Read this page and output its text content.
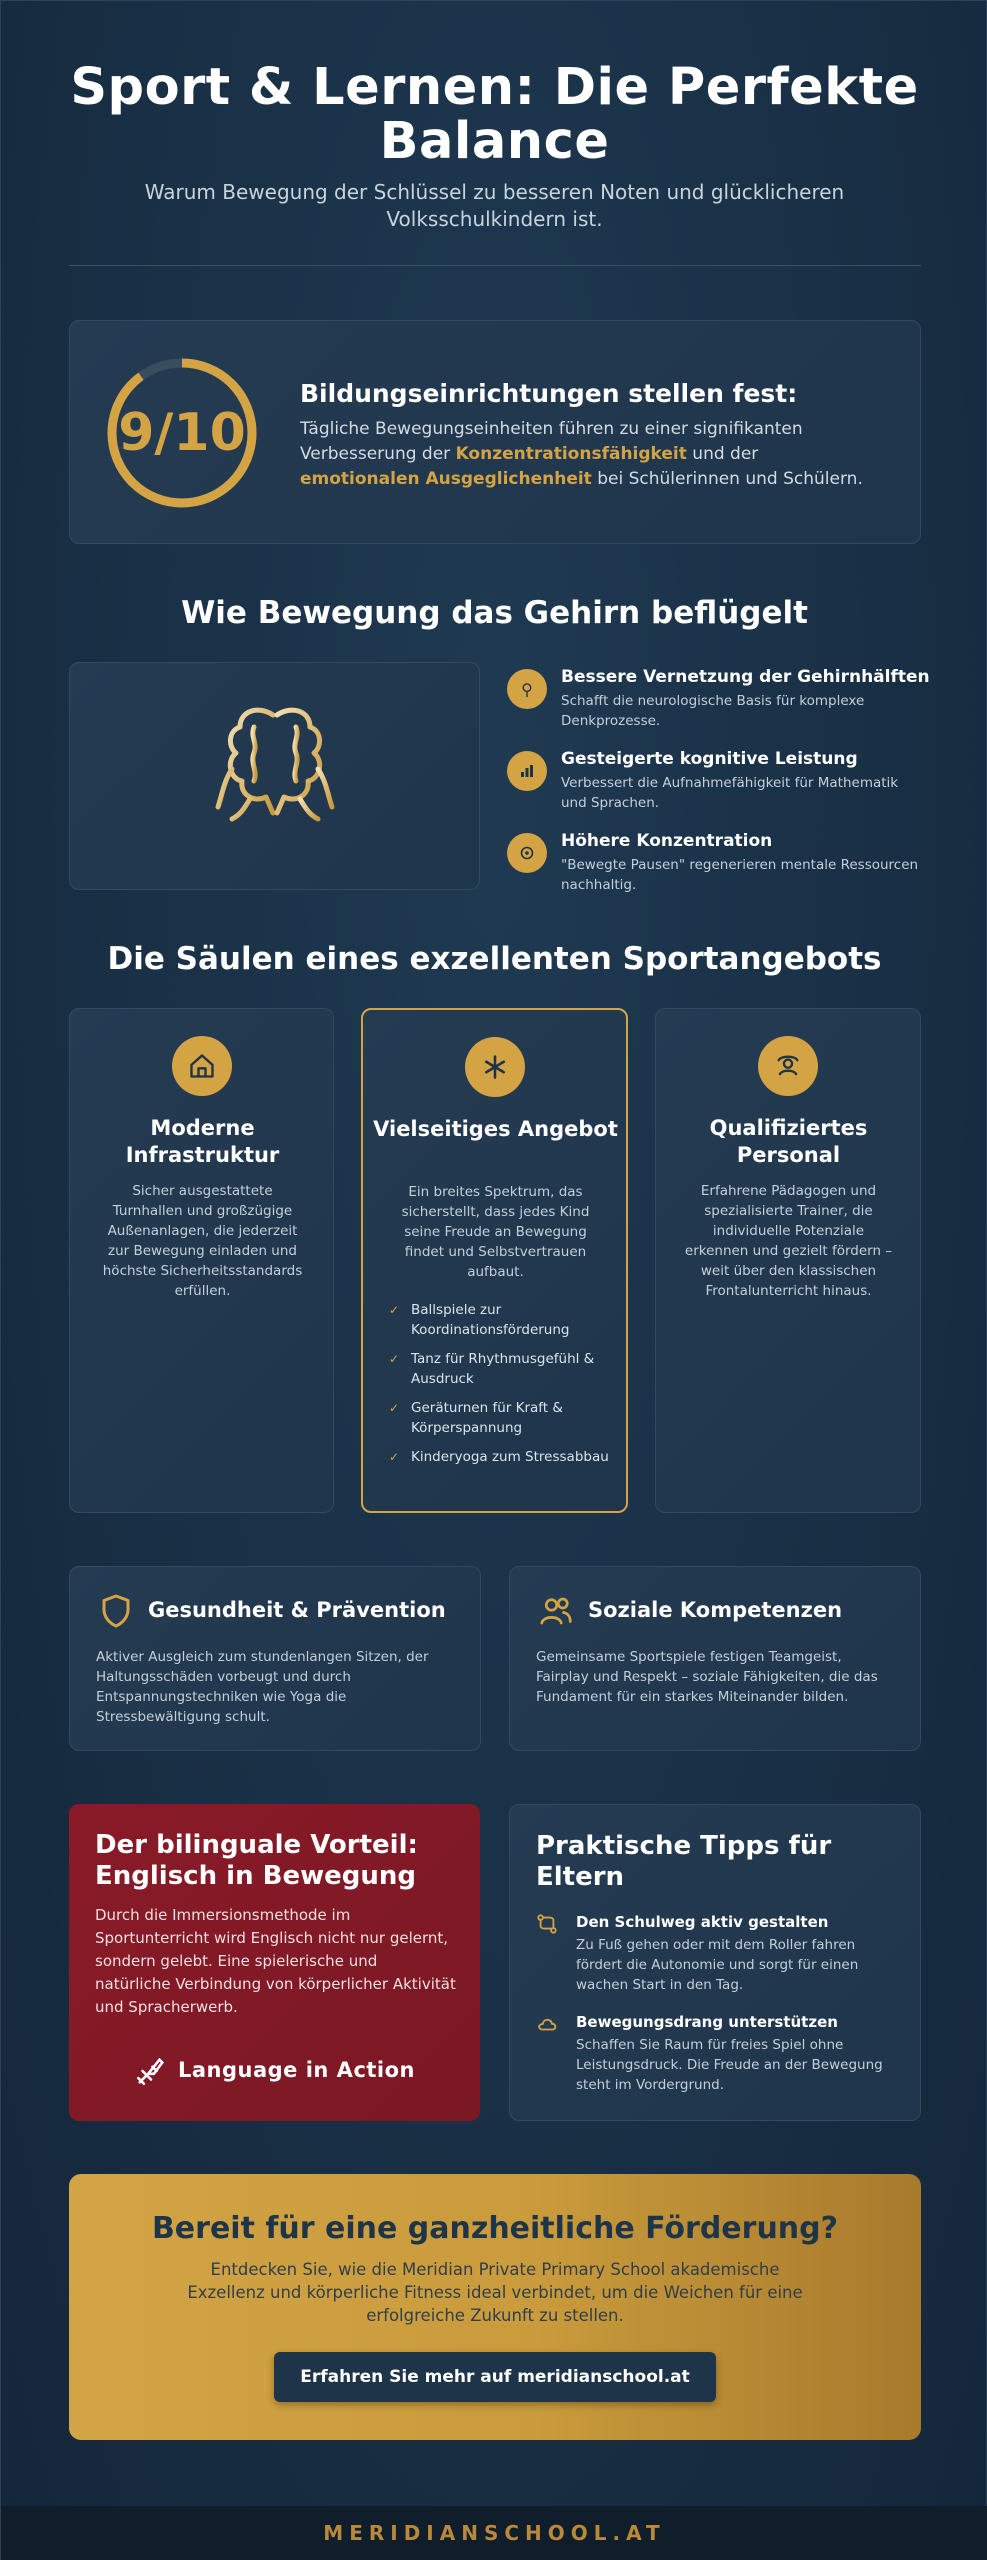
Sport & Lernen: Die Perfekte
Balance

Warum Bewegung der Schlüssel zu besseren Noten und glücklicheren Volksschulkindern ist.

9/10
Bildungseinrichtungen stellen fest:

Tägliche Bewegungseinheiten führen zu einer signifikanten Verbesserung der Konzentrationsfähigkeit und der emotionalen Ausgeglichenheit bei Schülerinnen und Schülern.

Wie Bewegung das Gehirn beflügelt
⚲
Bessere Vernetzung der Gehirnhälften
Schafft die neurologische Basis für komplexe Denkprozesse.
Gesteigerte kognitive Leistung
Verbessert die Aufnahmefähigkeit für Mathematik und Sprachen.
Höhere Konzentration
"Bewegte Pausen" regenerieren mentale Ressourcen nachhaltig.
Die Säulen eines exzellenten Sportangebots
Moderne Infrastruktur
Sicher ausgestattete Turnhallen und großzügige Außenanlagen, die jederzeit zur Bewegung einladen und höchste Sicherheitsstandards erfüllen.
Vielseitiges Angebot
Ein breites Spektrum, das sicherstellt, dass jedes Kind seine Freude an Bewegung findet und Selbstvertrauen aufbaut.
✓ Ballspiele zur Koordinationsförderung
✓ Tanz für Rhythmusgefühl & Ausdruck
✓ Geräturnen für Kraft & Körperspannung
✓ Kinderyoga zum Stressabbau
Qualifiziertes Personal
Erfahrene Pädagogen und spezialisierte Trainer, die individuelle Potenziale erkennen und gezielt fördern – weit über den klassischen Frontalunterricht hinaus.
Gesundheit & Prävention
Aktiver Ausgleich zum stundenlangen Sitzen, der Haltungsschäden vorbeugt und durch Entspannungstechniken wie Yoga die Stressbewältigung schult.
Soziale Kompetenzen
Gemeinsame Sportspiele festigen Teamgeist, Fairplay und Respekt – soziale Fähigkeiten, die das Fundament für ein starkes Miteinander bilden.
Der bilinguale Vorteil: Englisch in Bewegung
Durch die Immersionsmethode im Sportunterricht wird Englisch nicht nur gelernt, sondern gelebt. Eine spielerische und natürliche Verbindung von körperlicher Aktivität und Spracherwerb.
Language in Action
Praktische Tipps für Eltern
Den Schulweg aktiv gestalten
Zu Fuß gehen oder mit dem Roller fahren fördert die Autonomie und sorgt für einen wachen Start in den Tag.
Bewegungsdrang unterstützen
Schaffen Sie Raum für freies Spiel ohne Leistungsdruck. Die Freude an der Bewegung steht im Vordergrund.
Bereit für eine ganzheitliche Förderung?
Entdecken Sie, wie die Meridian Private Primary School akademische Exzellenz und körperliche Fitness ideal verbindet, um die Weichen für eine erfolgreiche Zukunft zu stellen.
Erfahren Sie mehr auf meridianschool.at
MERIDIANSCHOOL.AT
